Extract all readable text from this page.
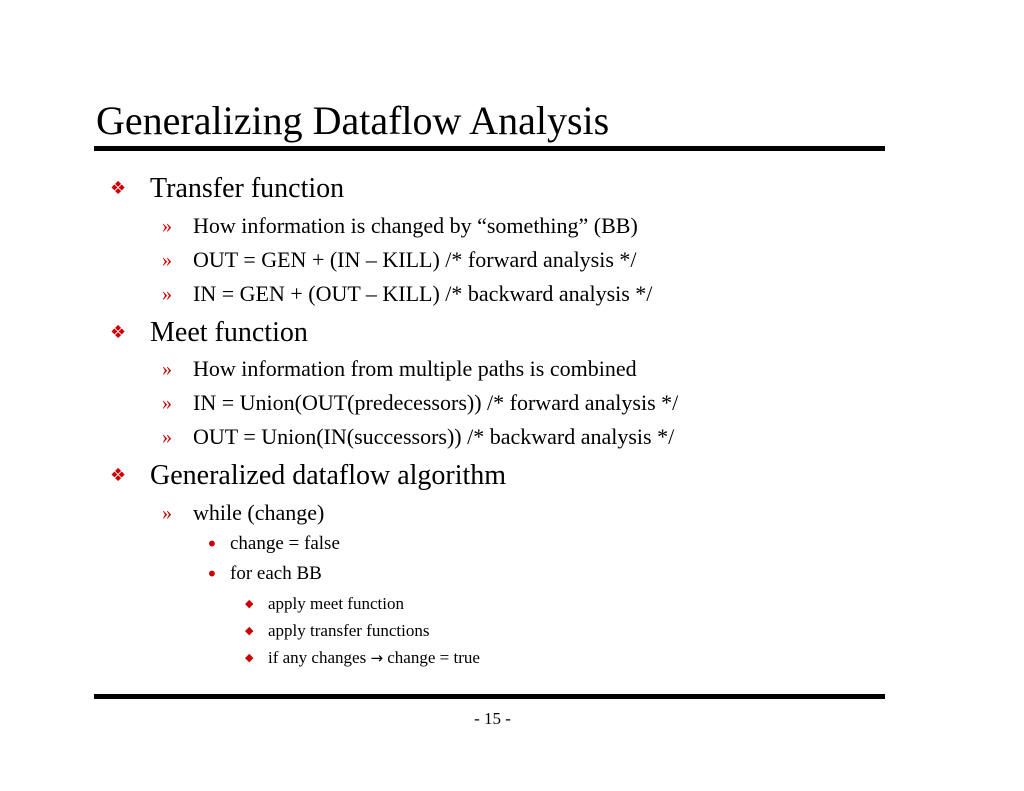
Generalizing Dataflow Analysis
❖ Transfer function
» How information is changed by “something” (BB)
» OUT = GEN + (IN – KILL) /* forward analysis */
» IN = GEN + (OUT – KILL) /* backward analysis */
❖ Meet function
» How information from multiple paths is combined
» IN = Union(OUT(predecessors)) /* forward analysis */
» OUT = Union(IN(successors)) /* backward analysis */
❖ Generalized dataflow algorithm
» while (change)
• change = false
• for each BB
◆ apply meet function
◆ apply transfer functions
◆ if any changes → change = true
- 15 -
